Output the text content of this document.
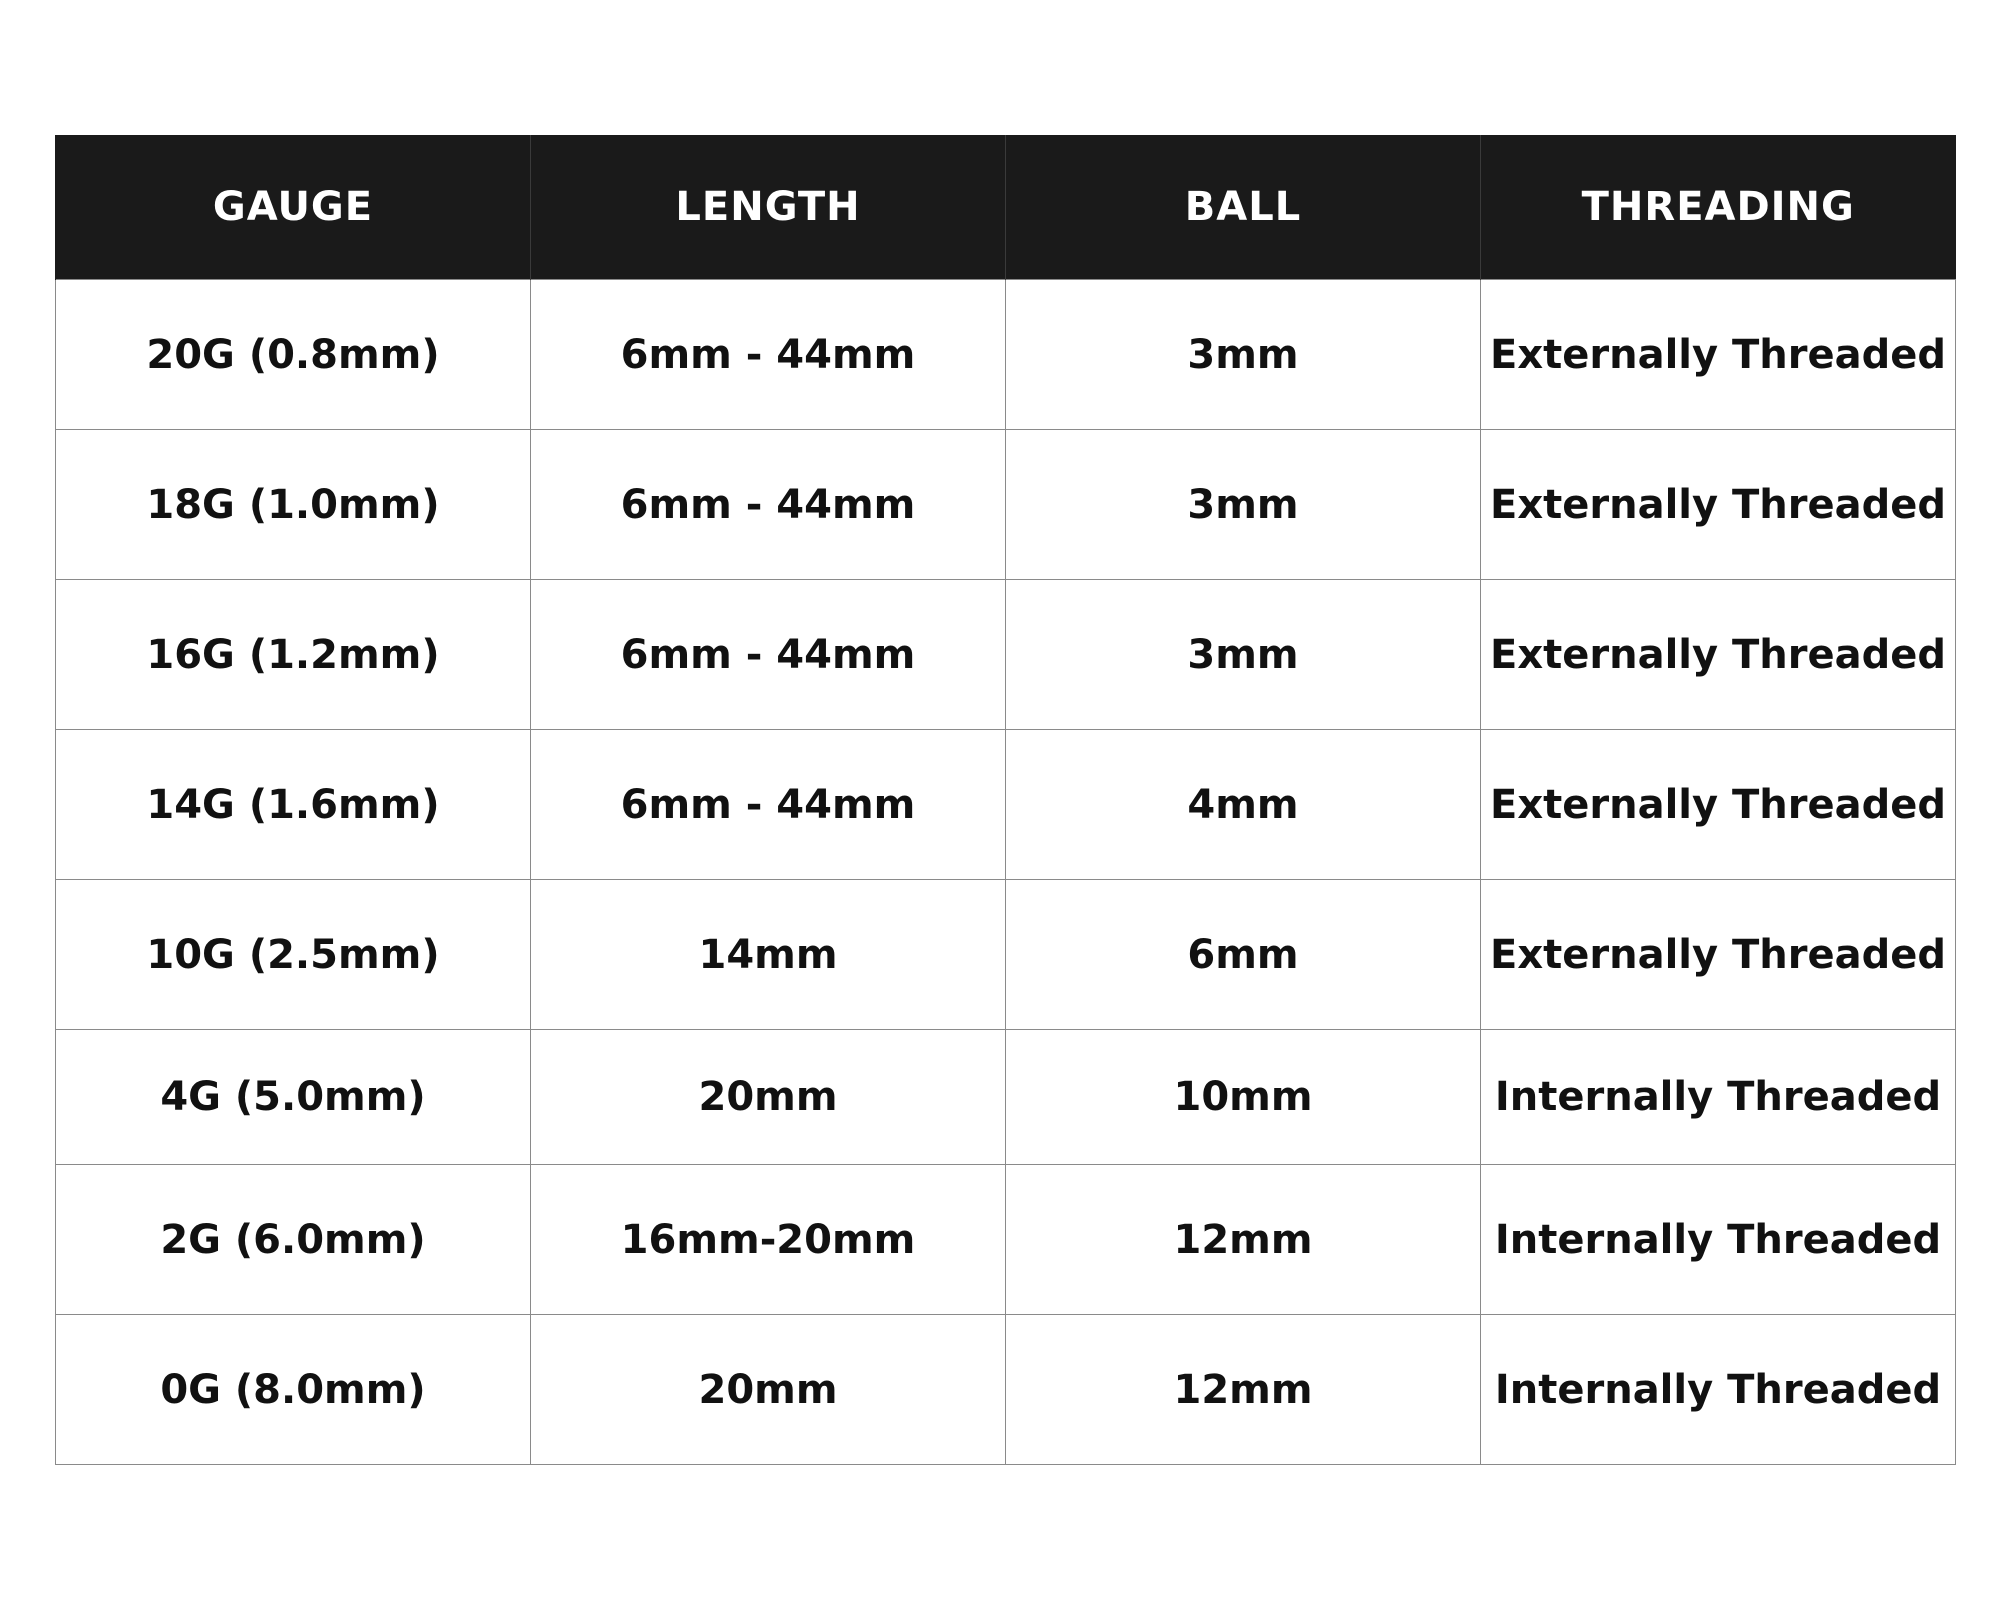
GAUGE	LENGTH	BALL	THREADING
20G (0.8mm)	6mm - 44mm	3mm	Externally Threaded
18G (1.0mm)	6mm - 44mm	3mm	Externally Threaded
16G (1.2mm)	6mm - 44mm	3mm	Externally Threaded
14G (1.6mm)	6mm - 44mm	4mm	Externally Threaded
10G (2.5mm)	14mm	6mm	Externally Threaded
4G (5.0mm)	20mm	10mm	Internally Threaded
2G (6.0mm)	16mm-20mm	12mm	Internally Threaded
0G (8.0mm)	20mm	12mm	Internally Threaded
